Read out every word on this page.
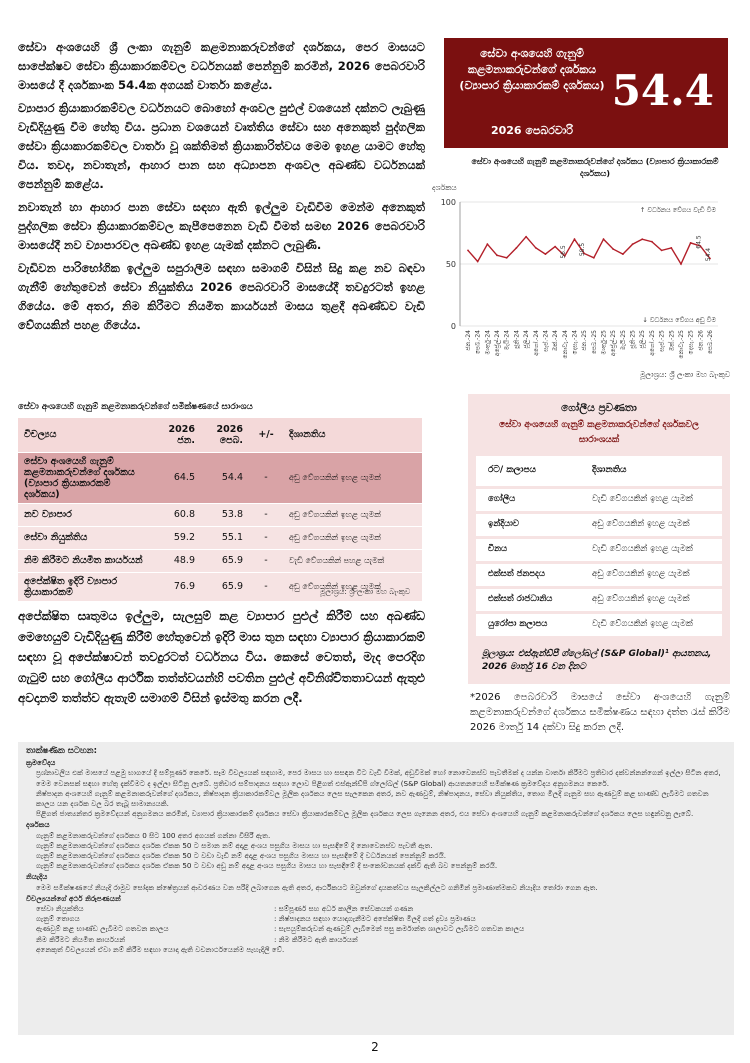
සේවා අංශයෙහි ශ්‍රී ලංකා ගැනුම් කළමනාකරුවන්ගේ දර්ශකය, පෙර මාසයට සාපේක්ෂව සේවා ක්‍රියාකාරකම්වල වර්ධනයක් පෙන්නුම් කරමින්, 2026 පෙබරවාරි මාසයේ දී දර්ශකාංක 54.4ක අගයක් වාර්තා කළේය.

ව්‍යාපාර ක්‍රියාකාරකම්වල වර්ධනයට බොහෝ අංශවල පුළුල් වශයෙන් දක්නට ලැබුණු වැඩිදියුණු වීම හේතු විය. ප්‍රධාන වශයෙන් වෘත්තිය සේවා සහ අනෙකුත් පුද්ගලික සේවා ක්‍රියාකාරකම්වල වාර්තා වූ ශක්තිමත් ක්‍රියාකාරිත්වය මෙම ඉහළ යාමට හේතු විය. තවද, නවාතැන්, ආහාර පාන සහ අධ්‍යාපන අංශවල අඛණ්ඩ වර්ධනයක් පෙන්නුම් කළේය.

නවාතැන් හා ආහාර පාන සේවා සඳහා ඇති ඉල්ලුම වැඩිවීම මෙන්ම අනෙකුත් පුද්ගලික සේවා ක්‍රියාකාරකම්වල කැපීපෙනෙන වැඩි වීමත් සමඟ 2026 පෙබරවාරි මාසයේදී නව ව්‍යාපාරවල අඛණ්ඩ ඉහළ යැමක් දක්නට ලැබුණි.

වැඩිවන පාරිභෝගික ඉල්ලුම සපුරාලීම සඳහා සමාගම් විසින් සිදු කළ නව බඳවා ගැනීම් හේතුවෙන් සේවා නියුක්තිය 2026 පෙබරවාරි මාසයේදී තවදුරටත් ඉහළ ගියේය. මේ අතර, නිම කිරීමට නියමිත කාර්යයන් මාසය තුළදී අඛණ්ඩව වැඩි වේගයකින් පහළ ගියේය.

සේවා අංශයෙහි ගැනුම් කළමනාකරුවන්ගේ සමීක්ෂණයේ සාරාංශය
විචල්‍යය	2026 ජන.	2026 පෙබ.	+/-	දිශානතිය
සේවා අංශයෙහි ගැනුම් කළමනාකරුවන්ගේ දර්ශකය (ව්‍යාපාර ක්‍රියාකාරකම් දර්ශකය)	64.5	54.4	-	අඩු වේගයකින් ඉහළ යැමක්
නව ව්‍යාපාර	60.8	53.8	-	අඩු වේගයකින් ඉහළ යැමක්
සේවා නියුක්තිය	59.2	55.1	-	අඩු වේගයකින් ඉහළ යැමක්
නිම කිරීමට නියමිත කාර්යයන්	48.9	65.9	-	වැඩි වේගයකින් පහළ යැමක්
අපේක්ෂිත ඉදිරි ව්‍යාපාර ක්‍රියාකාරකම්	76.9	65.9	-	අඩු වේගයකින් ඉහළ යැමක්
මූලාශ්‍රය: ශ්‍රී ලංකා මහ බැංකුව

අපේක්ෂිත සෘතුමය ඉල්ලුම, සැලසුම් කළ ව්‍යාපාර පුළුල් කිරීම් සහ අඛණ්ඩ මෙහෙයුම් වැඩිදියුණු කිරීම් හේතුවෙන් ඉදිරි මාස තුන සඳහා ව්‍යාපාර ක්‍රියාකාරකම් සඳහා වූ අපේක්ෂාවන් තවදුරටත් වර්ධනය විය. කෙසේ වෙතත්, මැද පෙරදිග ගැටුම් සහ ගෝලීය ආර්ථික තත්ත්වයන්හි පවතින පුළුල් අවිනිශ්චිතතාවයන් ඇතුළු අවදානම් තත්ත්ව ඇතැම් සමාගම් විසින් ඉස්මතු කරන ලදී.

සේවා අංශයෙහි ගැනුම් කළමනාකරුවන්ගේ දර්ශකය (ව්‍යාපාර ක්‍රියාකාරකම් දර්ශකය) 54.4
2026 පෙබරවාරි
සේවා අංශයෙහි ගැනුම් කළමනාකරුවන්ගේ දර්ශකය (ව්‍යාපාර ක්‍රියාකාරකම් දර්ශකය)
දර්ශකය
0
50
100
↑ වර්ධනය වේගය වැඩි වීම
↓ වර්ධනය වේගය අඩු වීම
56.5 58.5
64.5
54.4
ජන.-24 පෙබ.-24 මාර්තු-24 අප්‍රේල්-24 මැයි-24 ජූනි-24 ජූලි-24 අගෝ.-24 සැප්.-24 ඔක්.-24 නොවැ.-24 දෙසැ.-24 ජන.-25 පෙබ.-25 මාර්තු-25 අප්‍රේල්-25 මැයි-25 ජූනි-25 ජූලි-25 අගෝ.-25 සැප්.-25 ඔක්.-25 නොවැ.-25 දෙසැ.-25 ජන.-26 පෙබ.-26
මූලාශ්‍රය: ශ්‍රී ලංකා මහ බැංකුව
ගෝලීය ප්‍රවණතා
සේවා අංශයෙහි ගැනුම් කළමනාකරුවන්ගේ දර්ශකවල සාරාංශයක්
රට/ කලාපය	දිශානතිය
ගෝලීය	වැඩි වේගයකින් ඉහළ යැමක්
ඉන්දියාව	අඩු වේගයකින් ඉහළ යැමක්
චීනය	වැඩි වේගයකින් ඉහළ යැමක්
එක්සත් ජනපදය	අඩු වේගයකින් ඉහළ යැමක්
එක්සත් රාජධානිය	අඩු වේගයකින් ඉහළ යැමක්
යුරෝපා කලාපය	වැඩි වේගයකින් ඉහළ යැමක්
මූලාශ්‍රය: එස්ඇන්ඩ්පී ග්ලෝබල් (S&P Global)¹ ආයතනය, 2026 මාර්තු 16 වන දිනට
*2026 පෙබරවාරි මාසයේ සේවා අංශයෙහි ගැනුම් කළමනාකරුවන්ගේ දර්ශකය සමීක්ෂණය සඳහා දත්ත රැස් කිරීම 2026 මාර්තු 14 දක්වා සිදු කරන ලදී.
තාක්ෂණික සටහන:
ක්‍රමවේදය
ප්‍රශ්නාවලිය එක් මාසයේ පළමු භාගයේ දී සම්පූර්ණ කෙරේ. සෑම විචල්‍යයක් සඳහාම, පෙර මාසය හා සසඳන විට වැඩි වීමක්, අඩුවීමක් හෝ නොවෙනස්ව පැවතීමක් ද යන්න වාර්තා කිරීමට ප්‍රතිචාර දක්වන්නන්ගෙන් ඉල්ලා සිටින අතර, මෙම වෙනසක් සඳහා හේතු දැක්වීමට ද ඉල්ලා සිටිනු ලැබේ. ප්‍රතිචාර සම්පාදනය සඳහා ලොව පිළිගත් එස්ඇන්ඩ්පී ග්ලෝබල් (S&P Global) ආයතනයෙහි සමීක්ෂණ ක්‍රමවේදය අනුගමනය කෙරේ.
නිෂ්පාදන අංශයෙහි ගැනුම් කළමනාකරුවන්ගේ දර්ශකය, නිෂ්පාදන ක්‍රියාකාරකම්වල මූලික දර්ශකය ලෙස සැලකෙන අතර, නව ඇණවුම්, නිෂ්පාදනය, සේවා නියුක්තිය, තොග මිලදී ගැනුම සහ ඇණවුම් කළ භාණ්ඩ ලැබීමට ගතවන කාලය යන දර්ශක වල බර තැබූ සාමාන්‍යයකි.
පිළිගත් ජාත්‍යන්තර ක්‍රමවේදයන් අනුගමනය කරමින්, ව්‍යාපාර ක්‍රියාකාරකම් දර්ශකය සේවා ක්‍රියාකාරකම්වල මූලික දර්ශකය ලෙස ගැනෙන අතර, එය සේවා අංශයෙහි ගැනුම් කළමනාකරුවන්ගේ දර්ශකය ලෙස හඳුන්වනු ලැබේ.
දර්ශකය
ගැනුම් කළමනාකරුවන්ගේ දර්ශකය 0 සිට 100 අතර අගයක් ගන්නා විසිරී ඇත.
ගැනුම් කළමනාකරුවන්ගේ දර්ශකය දර්ශක ඒකක 50 ට සමාන නම් අදාළ අංශය පසුගිය මාසය හා සැසඳීමේ දී නොවෙනස්ව පැවතී ඇත.
ගැනුම් කළමනාකරුවන්ගේ දර්ශකය දර්ශක ඒකක 50 ට වඩා වැඩි නම් අදාළ අංශය පසුගිය මාසය හා සැසඳීමේ දී වර්ධනයක් පෙන්නුම් කරයි.
ගැනුම් කළමනාකරුවන්ගේ දර්ශකය දර්ශක ඒකක 50 ට වඩා අඩු නම් අදාළ අංශය පසුගිය මාසය හා සැසඳීමේ දී සංකෝචනයක් දක්වී ඇති බව පෙන්නුම් කරයි.
නියැදිය
මෙම සමීක්ෂණයේ නියැදි රාමුව සෝදක ක්ෂේත්‍රයන් ආවරණය වන පරිදි ලබාගෙන ඇති අතර, ආර්ථිකයට ඔවුන්ගේ දායකත්වය සැලකිල්ලට ගනිමින් ප්‍රමාණාත්මකව නියැදිය තෝරා ගෙන ඇත.
විචල්‍යයන්ගේ අර්ථ නිරූපණයන්
සේවා නියුක්තිය	: සම්පූර්ණ සහ අර්ධ කාලීන සේවකයන් ගණන
ගැනුම් තොගය	: නිෂ්පාදනය සඳහා යොදාගැනීමට අපේක්ෂිත මිලදී ගත් ද්‍රව්‍ය ප්‍රමාණය
ඇණවුම් කළ භාණ්ඩ ලැබීමට ගතවන කාලය	: සැපයුම්කරුවන් ඇණවුම් ලැබීමෙන් පසු කර්මාන්ත ශාලාවට ලැබීමට ගතවන කාලය
නිම කිරීමට නියමිත කාර්යයන්	: නිම කිරීමට ඇති කාර්යයන්
අනෙකුත් විචල්‍යයන් ඒවා නම් කිරීම සඳහා යොදා ඇති වචනාර්ථයෙන්ම පැහැදිලි වේ.
2
